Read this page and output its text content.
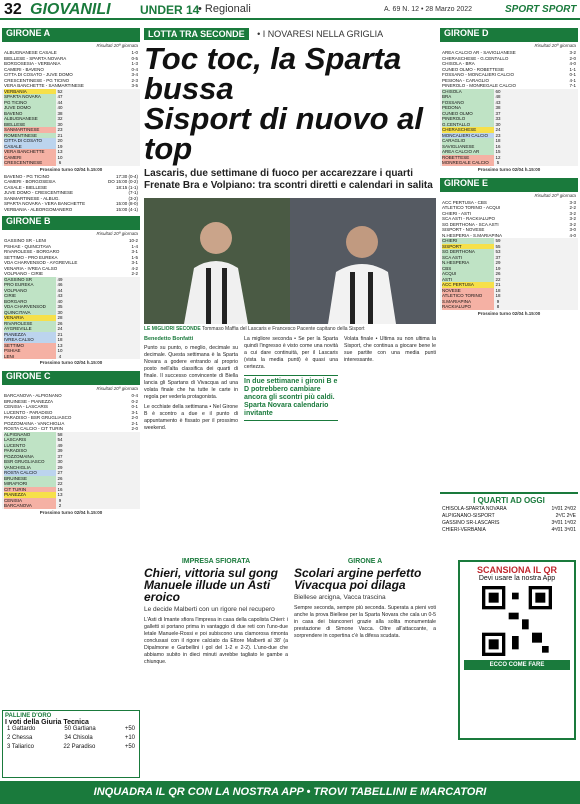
32 GIOVANILI UNDER 14
• Regionali	A. 69 N. 12 • 28 Marzo 2022	SPORT SPORT
GIRONE A
Risultati 20ª giornata
ALBUGNANESE CASALE	1-0
BIELLESE - SPARTA NOVARA	0-5
BORGOSESIA - VERBANIA	1-3
CAMERI - BAVENO	0-4
CITTA DI COSATO - JUVE DOMO	3-4
CRESCENTINESE - PG TICINO	2-3
VERA BANCHETTE - SANMARTINESE	3-5
VERBANIA	52
SPARTA NOVARA	47
PG TICINO	44
JUVE DOMO	40
BAVENO	38
ALBUGNANESE	32
BIELLESE	30
SANMARTINESE	23
ROMENTINESE	21
CITTA DI COSATO	20
CASALE	19
VERA BANCHETTE	13
CAMERI	10
CRESCENTINESE	6
Prossimo turno 02/04 h.15:00
BAVENO - PG TICINO	17:30 (0-4)
CAMERI - BORGOSESIA	DO 15:00 (0-2)
CASALE - BIELLESE	18:15 (1-1)
JUVE DOMO - CRESCENTINESE	(7-1)
SANMARTINESE - ALBUG.	(3-2)
SPARTA NOVARA - VERA BANCHETTE	15:00 (8-0)
VERBANIA - ALBORGOMANERO	15:00 (4-1)
GIRONE B
Risultati 20ª giornata
GASSINO SR - LENI	10-2
PSHIAE - QUINCITAVA	1-4
RIVAROLESE - BORGARO	3-1
SETTIMO - PRO EUREKA	1-5
VDA CHARVENSOD - AYGREVILLE	3-1
VENARIA - IVREA CALSO	4-2
VOLPIANO - CIRIE	2-2
GASSINO SR	49
PRO EUREKA	46
VOLPIANO	44
CIRIE	43
BORGARO	40
VDA CHARVENSOD	35
QUINCITAVA	30
VENARIA	28
RIVAROLESE	26
AYGREVILLE	24
PIANEZZA	21
IVREA CALSO	18
SETTIMO	13
PSHIAE	10
LENI	4
Prossimo turno 02/04 h.15:00
GIRONE C
Risultati 20ª giornata
BARCANOVA - ALPIGNANO	0-4
BRUINESE - PIANEZZA	0-2
CENISIA - LASCARIS	0-1
LUCENTO - PARADISO	3-1
PARADISO - BSR GRUGLIASCO	2-0
POZZOMAINA - VANCHIGLIA	2-1
ROSTA CALCIO - CIT TURIN	2-0
ALPIGNANO	58
LASCARIS	54
LUCENTO	49
PARADISO	39
POZZOMAINA	37
BSR GRUGLIASCO	30
VANCHIGLIA	29
ROSTA CALCIO	27
BRUINESE	26
MIRAFIORI	22
CIT TURIN	16
PIANEZZA	13
CENISIA	9
BARCANOVA	2
Prossimo turno 02/04 h.15:00
LOTTA TRA SECONDE • I NOVARESI NELLA GRIGLIA
Toc toc, la Sparta bussa
Sisport di nuovo al top
Lascaris, due settimane di fuoco per accarezzare i quarti Frenate Bra e Volpiano: tra scontri diretti e calendari in salita
LE MIGLIORI SECONDE Tommaso Maffia del Lascaris e Francesco Pacente capitano della Sisport
Benedetto Bonfatti

Punto su punto, o meglio, decimale su decimale. Questa settimana è la Sparta Novara a godere entrando al proprio posto nell'alta classifica dei quarti di finale. Il successo convincente di Biella lancia gli Spartans di Vivacqua ad una volata finale che ha tutte le carte in regola per vederla protagonista.

Le occhiate della settimana • Nel Girone B è scontro a due e il punto di appuntamento è fissato per il prossimo weekend.

La migliore seconda • Se per la Sparta quindi l'ingresso è visto come una novità a cui dare continuità, per il Lascaris (vista la media punti) è quasi una certezza.

In due settimane i gironi B e D potrebbero cambiare ancora gli scontri più caldi. Sparta Novara calendario invitante

Volata finale • Ultima su non ultima la Sisport, che continua a giocare bene le sue partite con una media punti interessante.

GIRONE D
Risultati 20ª giornata
AREA CALCIO AR - SAVIGLIANESE	3-2
CHERASCHESE - G.CENTALLO	2-0
CHISOLA - BRA	4-0
CUNEO OLMO - ROBETTESE	1-1
FOSSANO - MONCALIERI CALCIO	0-1
PESIONA - CARAGLIO	4-1
PINEROLO - MONREGALE CALCIO	7-1
CHISOLA	60
BRA	48
FOSSANO	43
PEDONA	38
CUNEO OLMO	37
PINEROLO	33
G.CENTALLO	30
CHERASCHESE	24
MONCALIERI CALCIO	23
CARAGLIO	18
SAVIGLIANESE	16
AREA CALCIO AR	15
ROBETTESE	12
MONREGALE CALCIO	5
Prossimo turno 02/04 h.15:00
GIRONE E
Risultati 20ª giornata
ACC PERTUSA - CBS	3-3
ATLETICO TORINO - ACQUI	2-2
CHIERI - ASTI	3-2
SCA ASTI - RACKIALUPO	3-2
SG DERTHONA - SCA ASTI	3-2
SISPORT - NOVESE	3-0
N.HESPERIA - S.MARIAPINA	4-0
CHIERI	59
SISPORT	55
SG DERTHONA	53
SCA ASTI	37
N.HESPERIA	29
CBS	19
ACQUI	26
ASTI	22
ACC PERTUSA	21
NOVESE	18
ATLETICO TORINO	18
S.MARIAPINA	9
RACKIALUPO	8
Prossimo turno 02/04 h.15:00
I QUARTI AD OGGI
CHISOLA-SPARTA NOVARA	1ª/01 2ª/02
ALPIGNANO-SISPORT	2ª/C 2ª/E
GASSINO SR-LASCARIS	3ª/01 1ª/02
CHIERI-VERBANIA	4ª/01 3ª/01
IMPRESA SFIORATA
Chieri, vittoria sul gong Manuele illude un Asti eroico
Le decide Malberti con un rigore nel recupero

L'Asti di Imante sfiora l'impresa in casa della capolista Chieri: i galletti si portano prima in vantaggio di due reti con l'uno-due letale Manuele-Rossi e poi subiscono una clamorosa rimonta conclusasi con il rigore calciato da Ettore Malberti al 38' (a Dipalmone e Garbellini i gol del 1-2 e 2-2). L'uno-due che abbiamo subito in dieci minuti avrebbe tagliato le gambe a chiunque.

GIRONE A
Scolari argine perfetto Vivacqua poi dilaga
Biellese arcigna, Vacca trascina

Sempre seconda, sempre più seconda. Superata a pieni voti anche la prova Biellese per la Sparta Novara che cala un 0-5 in casa dei bianconeri grazie alla solita monumentale prestazione di Simone Vacca. Oltre all'attaccante, a sorprendere in copertina c'è la difesa scudata.

PALLINE D'ORO
I voti della Giuria Tecnica
1 Gattardo	50 Gartiana	+50
2 Chessa	34 Chisola	+10
3 Taliarico	22 Paradiso	+50
SCANSIONA IL QR
Devi usare la nostra App
ECCO COME FARE
INQUADRA IL QR CON LA NOSTRA APP • TROVI TABELLINI E MARCATORI
